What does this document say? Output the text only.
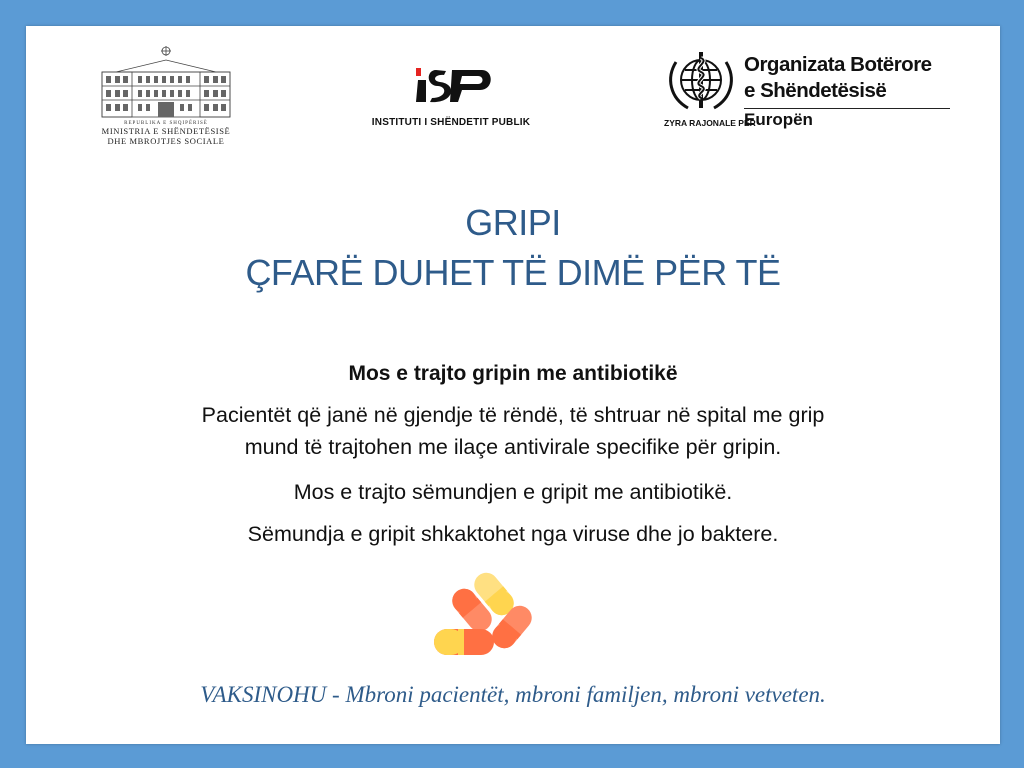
REPUBLIKA E SHQIPËRISË
MINISTRIA E SHËNDETËSISË
DHE MBROJTJES SOCIALE
INSTITUTI I SHËNDETIT PUBLIK
Organizata Botërore
e Shëndetësisë
ZYRA RAJONALE PËR
Europën
GRIPI
ÇFARË DUHET TË DIMË PËR TË
Mos e trajto gripin me antibiotikë
Pacientët që janë në gjendje të rëndë, të shtruar në spital me grip
mund të trajtohen me ilaçe antivirale specifike për gripin.
Mos e trajto sëmundjen e gripit me antibiotikë.
Sëmundja e gripit shkaktohet nga viruse dhe jo baktere.
VAKSINOHU - Mbroni pacientët, mbroni familjen, mbroni vetveten.
